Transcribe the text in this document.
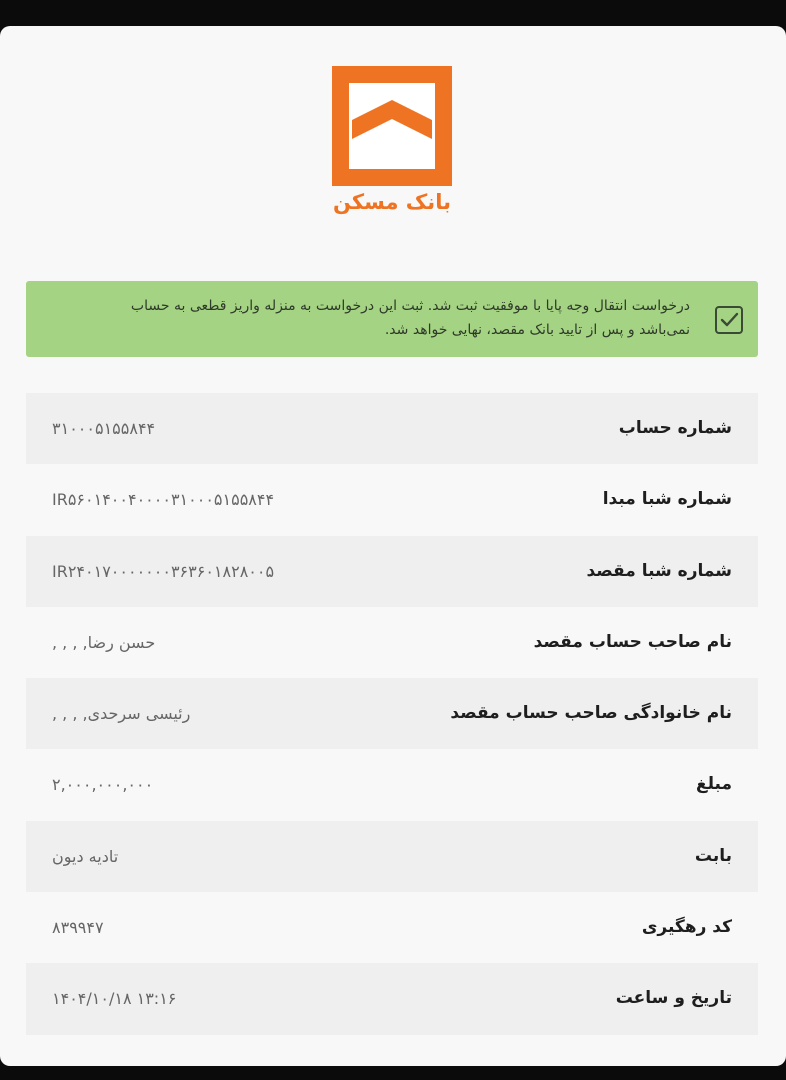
بانک مسکن
درخواست انتقال وجه پایا با موفقیت ثبت شد. ثبت این درخواست به منزله واریز قطعی به حساب نمی‌باشد و پس از تایید بانک مقصد، نهایی خواهد شد.
شماره حساب
۳۱۰۰۰۵۱۵۵۸۴۴
شماره شبا مبدا
IR۵۶۰۱۴۰۰۴۰۰۰۰۳۱۰۰۰۵۱۵۵۸۴۴
شماره شبا مقصد
IR۲۴۰۱۷۰۰۰۰۰۰۰۳۶۳۶۰۱۸۲۸۰۰۵
نام صاحب حساب مقصد
حسن رضا, , , ,
نام خانوادگی صاحب حساب مقصد
رئیسی سرحدی, , , ,
مبلغ
۲,۰۰۰,۰۰۰,۰۰۰
بابت
تادیه دیون
کد رهگیری
۸۳۹۹۴۷
تاریخ و ساعت
۱۴۰۴/۱۰/۱۸ ۱۳:۱۶
